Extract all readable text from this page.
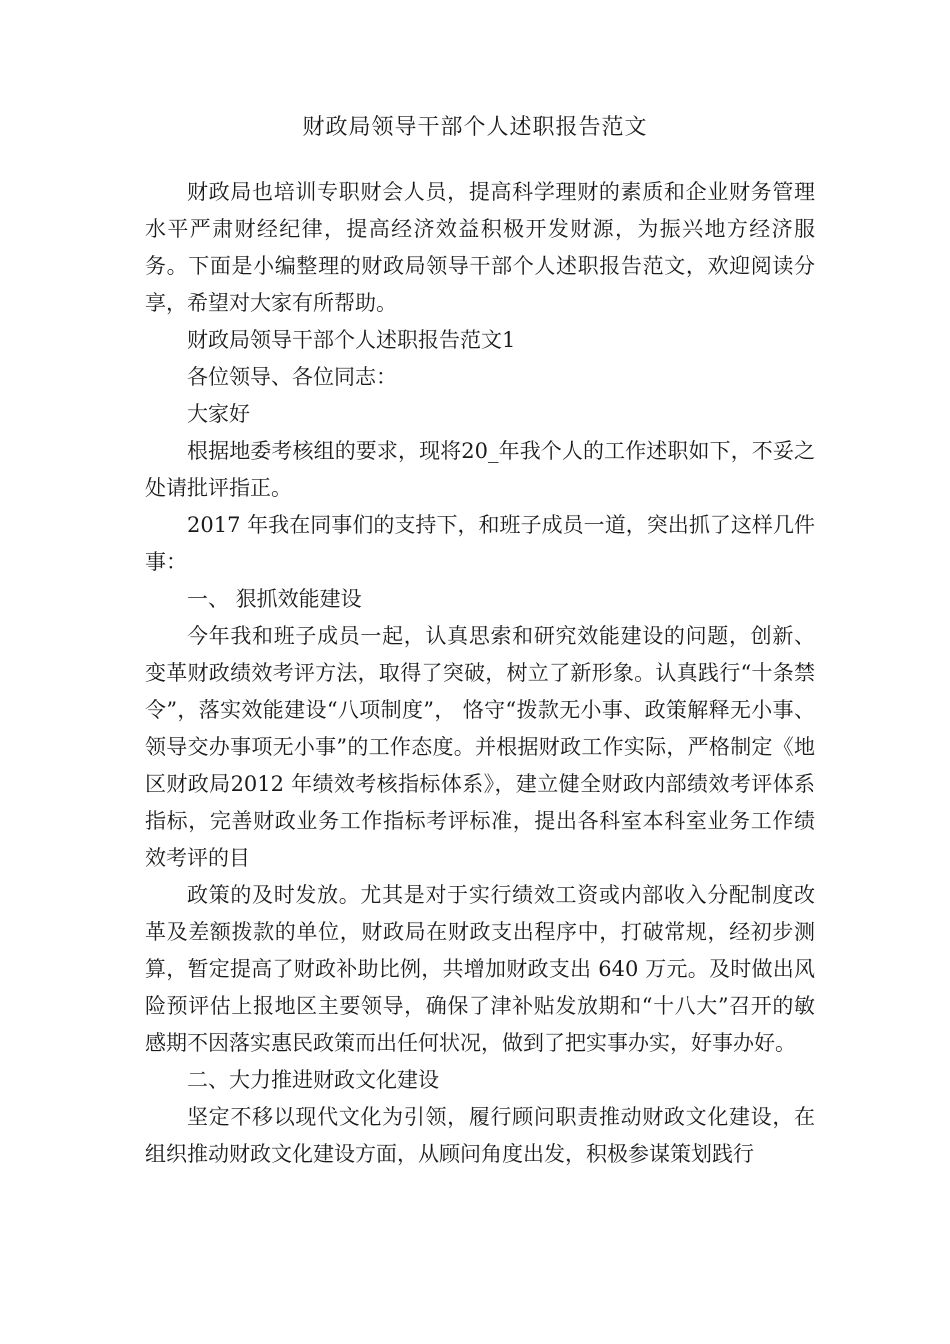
财政局领导干部个人述职报告范文

财政局也培训专职财会人员，提高科学理财的素质和企业财务管理水平严肃财经纪律，提高经济效益积极开发财源，为振兴地方经济服务。下面是小编整理的财政局领导干部个人述职报告范文，欢迎阅读分享，希望对大家有所帮助。

财政局领导干部个人述职报告范文1

各位领导、各位同志：

大家好

根据地委考核组的要求，现将20_年我个人的工作述职如下，不妥之处请批评指正。

2017 年我在同事们的支持下，和班子成员一道，突出抓了这样几件事：

一、 狠抓效能建设

今年我和班子成员一起，认真思索和研究效能建设的问题，创新、变革财政绩效考评方法，取得了突破，树立了新形象。认真践行“十条禁令”，落实效能建设“八项制度”， 恪守“拨款无小事、政策解释无小事、领导交办事项无小事”的工作态度。并根据财政工作实际，严格制定《地区财政局2012 年绩效考核指标体系》，建立健全财政内部绩效考评体系指标，完善财政业务工作指标考评标准，提出各科室本科室业务工作绩效考评的目

政策的及时发放。尤其是对于实行绩效工资或内部收入分配制度改革及差额拨款的单位，财政局在财政支出程序中，打破常规，经初步测算，暂定提高了财政补助比例，共增加财政支出 640 万元。及时做出风险预评估上报地区主要领导，确保了津补贴发放期和“十八大”召开的敏感期不因落实惠民政策而出任何状况，做到了把实事办实，好事办好。

二、大力推进财政文化建设

坚定不移以现代文化为引领，履行顾问职责推动财政文化建设，在组织推动财政文化建设方面，从顾问角度出发，积极参谋策划践行
